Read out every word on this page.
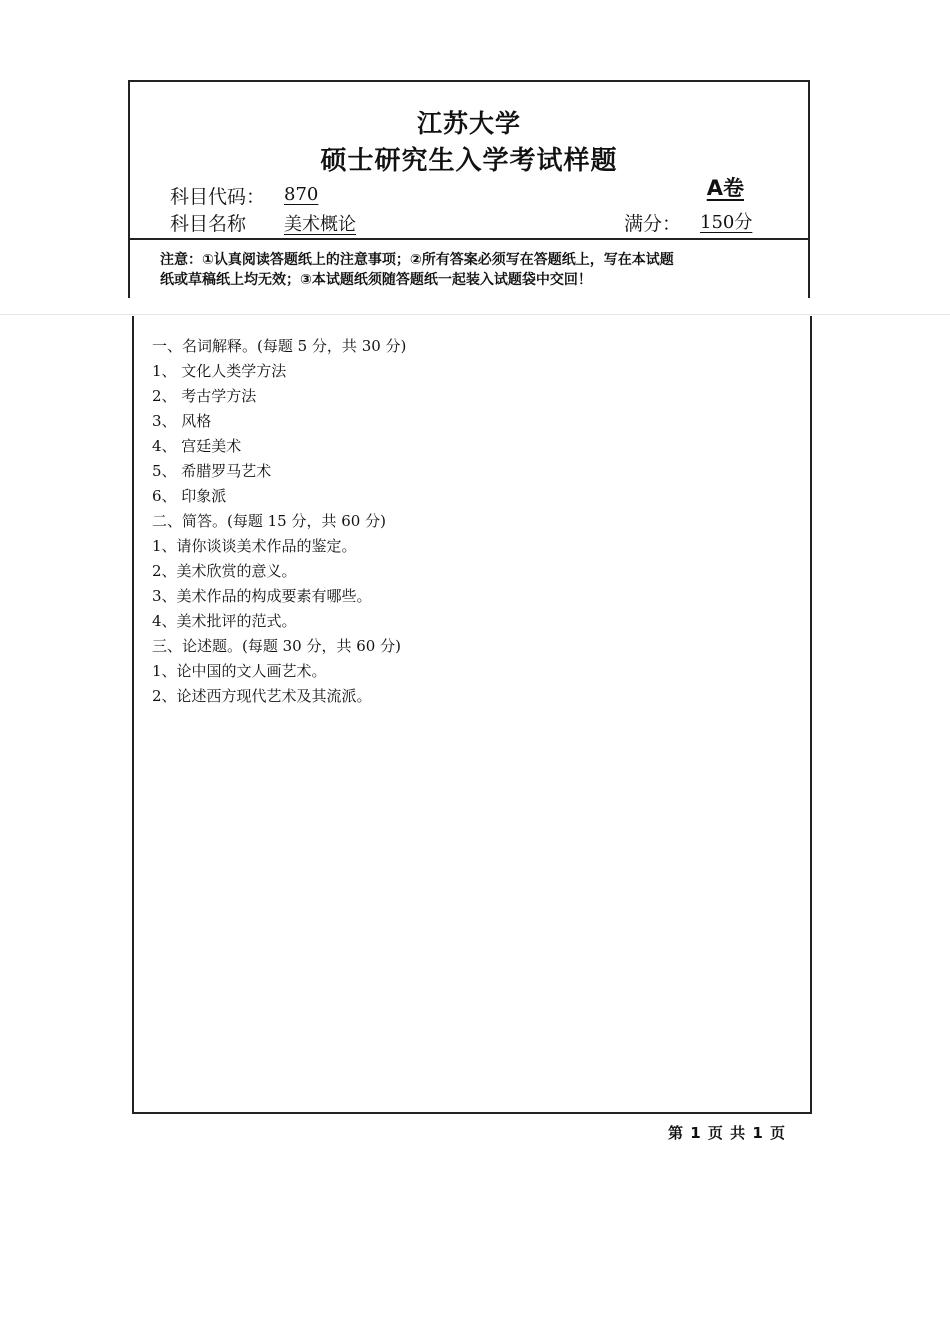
江苏大学
硕士研究生入学考试样题
科目代码： 870	A卷
科目名称 美术概论	满分： 150分
注意：①认真阅读答题纸上的注意事项；②所有答案必须写在答题纸上，写在本试题
纸或草稿纸上均无效；③本试题纸须随答题纸一起装入试题袋中交回！
一、名词解释。(每题 5 分，共 30 分)
1、 文化人类学方法
2、 考古学方法
3、 风格
4、 宫廷美术
5、 希腊罗马艺术
6、 印象派
二、简答。(每题 15 分，共 60 分)
1、请你谈谈美术作品的鉴定。
2、美术欣赏的意义。
3、美术作品的构成要素有哪些。
4、美术批评的范式。
三、论述题。(每题 30 分，共 60 分)
1、论中国的文人画艺术。
2、论述西方现代艺术及其流派。
第 1 页 共 1 页
